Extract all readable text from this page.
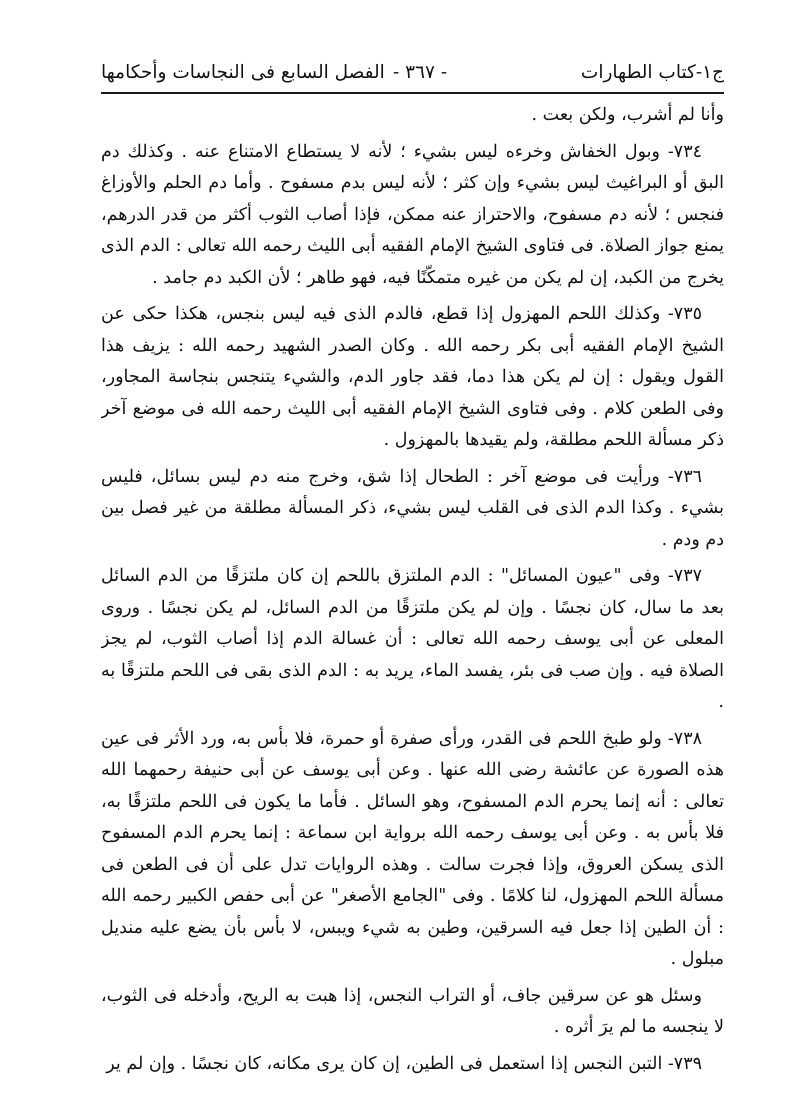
ج١-كتاب الطهارات
- ٣٦٧ -
الفصل السابع فى النجاسات وأحكامها

وأنا لم أشرب، ولكن بعت .

٧٣٤- وبول الخفاش وخرءه ليس بشيء ؛ لأنه لا يستطاع الامتناع عنه . وكذلك دم البق أو البراغيث ليس بشيء وإن كثر ؛ لأنه ليس بدم مسفوح . وأما دم الحلم والأوزاغ فنجس ؛ لأنه دم مسفوح، والاحتراز عنه ممكن، فإذا أصاب الثوب أكثر من قدر الدرهم، يمنع جواز الصلاة. فى فتاوى الشيخ الإمام الفقيه أبى الليث رحمه الله تعالى : الدم الذى يخرج من الكبد، إن لم يكن من غيره متمكّنًا فيه، فهو طاهر ؛ لأن الكبد دم جامد .

٧٣٥- وكذلك اللحم المهزول إذا قطع، فالدم الذى فيه ليس بنجس، هكذا حكى عن الشيخ الإمام الفقيه أبى بكر رحمه الله . وكان الصدر الشهيد رحمه الله : يزيف هذا القول ويقول : إن لم يكن هذا دما، فقد جاور الدم، والشيء يتنجس بنجاسة المجاور، وفى الطعن كلام . وفى فتاوى الشيخ الإمام الفقيه أبى الليث رحمه الله فى موضع آخر ذكر مسألة اللحم مطلقة، ولم يقيدها بالمهزول .

٧٣٦- ورأيت فى موضع آخر : الطحال إذا شق، وخرج منه دم ليس بسائل، فليس بشيء . وكذا الدم الذى فى القلب ليس بشيء، ذكر المسألة مطلقة من غير فصل بين دم ودم .

٧٣٧- وفى "عيون المسائل" : الدم الملتزق باللحم إن كان ملتزقًا من الدم السائل بعد ما سال، كان نجسًا . وإن لم يكن ملتزقًا من الدم السائل، لم يكن نجسًا . وروى المعلى عن أبى يوسف رحمه الله تعالى : أن غسالة الدم إذا أصاب الثوب، لم يجز الصلاة فيه . وإن صب فى بئر، يفسد الماء، يريد به : الدم الذى بقى فى اللحم ملتزقًا به .

٧٣٨- ولو طبخ اللحم فى القدر، ورأى صفرة أو حمرة، فلا بأس به، ورد الأثر فى عين هذه الصورة عن عائشة رضى الله عنها . وعن أبى يوسف عن أبى حنيفة رحمهما الله تعالى : أنه إنما يحرم الدم المسفوح، وهو السائل . فأما ما يكون فى اللحم ملتزقًا به، فلا بأس به . وعن أبى يوسف رحمه الله برواية ابن سماعة : إنما يحرم الدم المسفوح الذى يسكن العروق، وإذا فجرت سالت . وهذه الروايات تدل على أن فى الطعن فى مسألة اللحم المهزول، لنا كلامًا . وفى "الجامع الأصغر" عن أبى حفص الكبير رحمه الله : أن الطين إذا جعل فيه السرقين، وطين به شيء ويبس، لا بأس بأن يضع عليه منديل مبلول .

وسئل هو عن سرقين جاف، أو التراب النجس، إذا هبت به الريح، وأدخله فى الثوب، لا ينجسه ما لم يرَ أثره .

٧٣٩- التبن النجس إذا استعمل فى الطين، إن كان يرى مكانه، كان نجسًا . وإن لم ير
